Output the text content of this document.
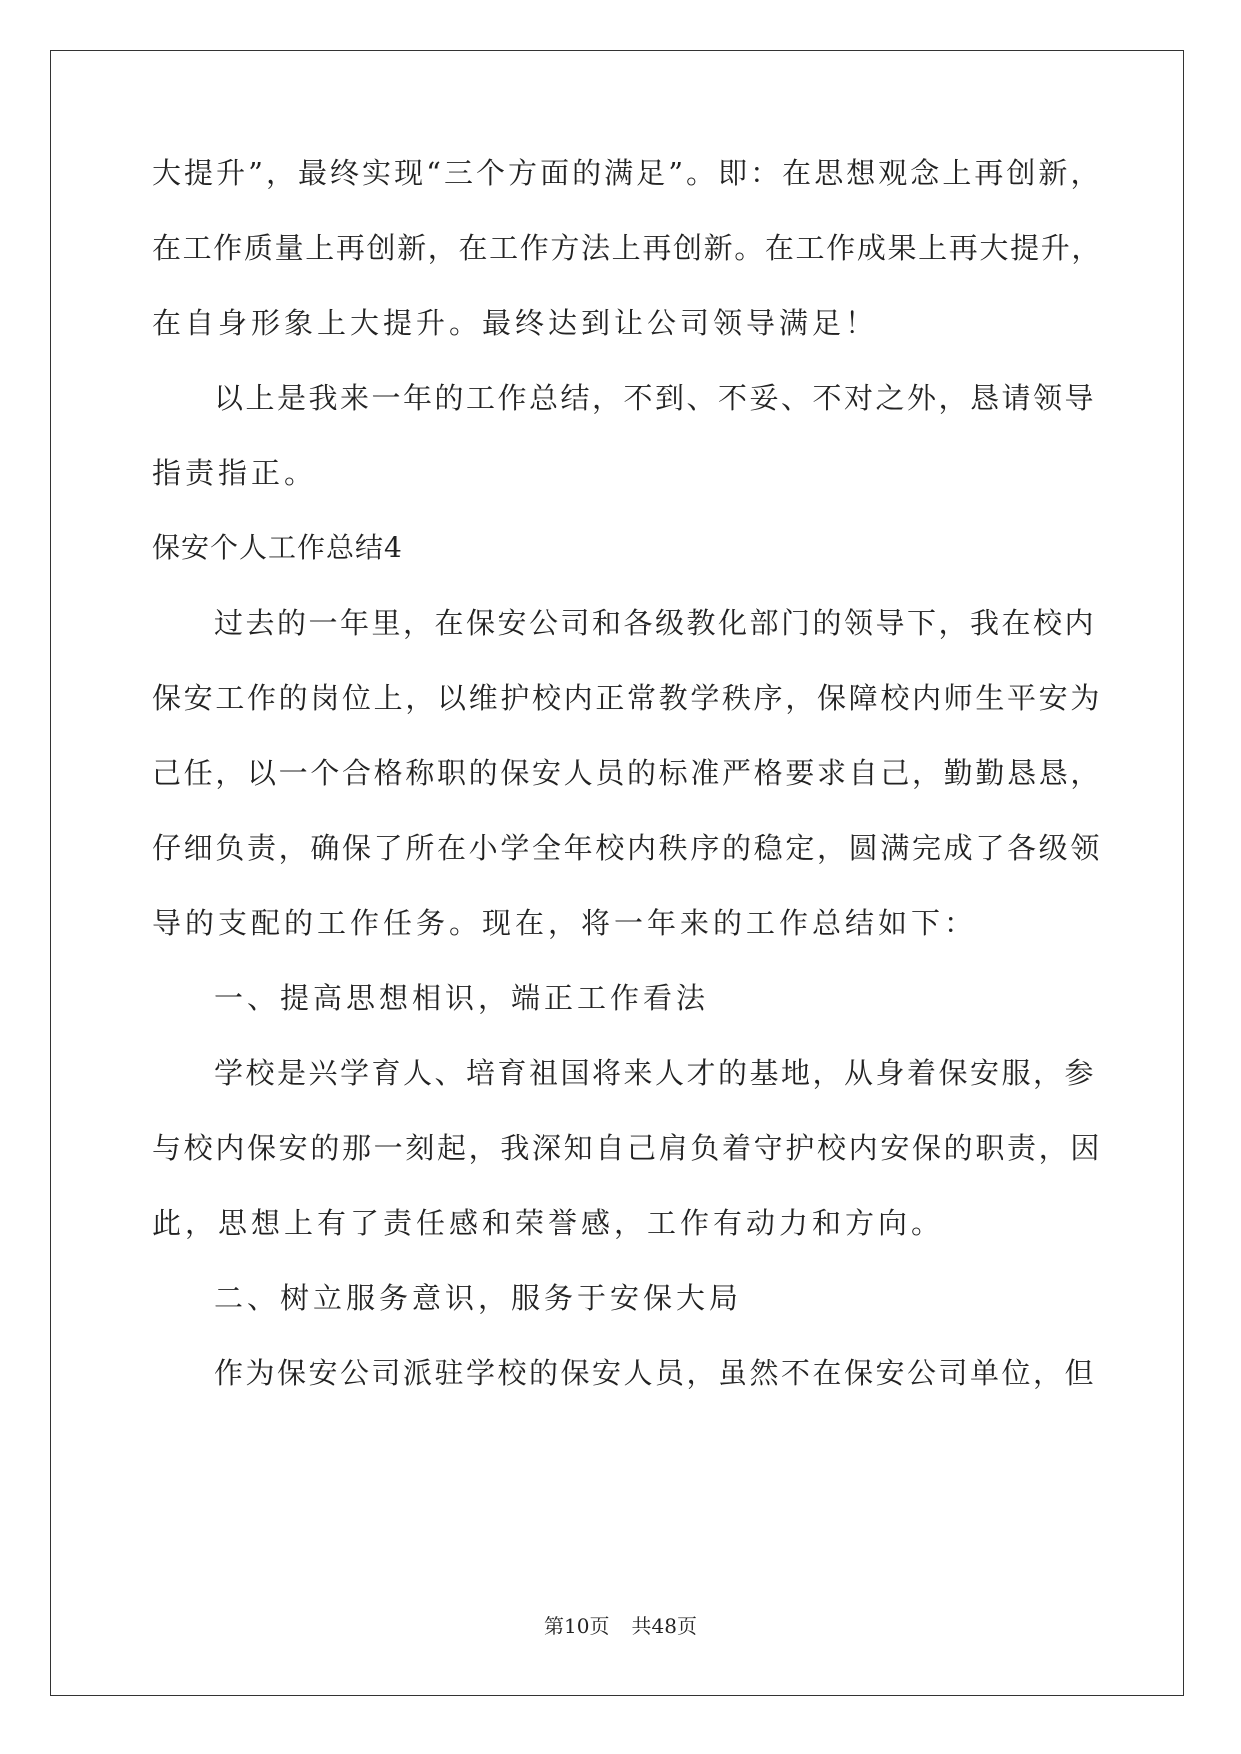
大提升”，最终实现“三个方面的满足”。即：在思想观念上再创新，
在工作质量上再创新，在工作方法上再创新。在工作成果上再大提升，
在自身形象上大提升。最终达到让公司领导满足！
以上是我来一年的工作总结，不到、不妥、不对之外，恳请领导
指责指正。
保安个人工作总结4
过去的一年里，在保安公司和各级教化部门的领导下，我在校内
保安工作的岗位上，以维护校内正常教学秩序，保障校内师生平安为
己任，以一个合格称职的保安人员的标准严格要求自己，勤勤恳恳，
仔细负责，确保了所在小学全年校内秩序的稳定，圆满完成了各级领
导的支配的工作任务。现在，将一年来的工作总结如下：
一、提高思想相识，端正工作看法
学校是兴学育人、培育祖国将来人才的基地，从身着保安服，参
与校内保安的那一刻起，我深知自己肩负着守护校内安保的职责，因
此，思想上有了责任感和荣誉感，工作有动力和方向。
二、树立服务意识，服务于安保大局
作为保安公司派驻学校的保安人员，虽然不在保安公司单位，但
第10页 共48页
